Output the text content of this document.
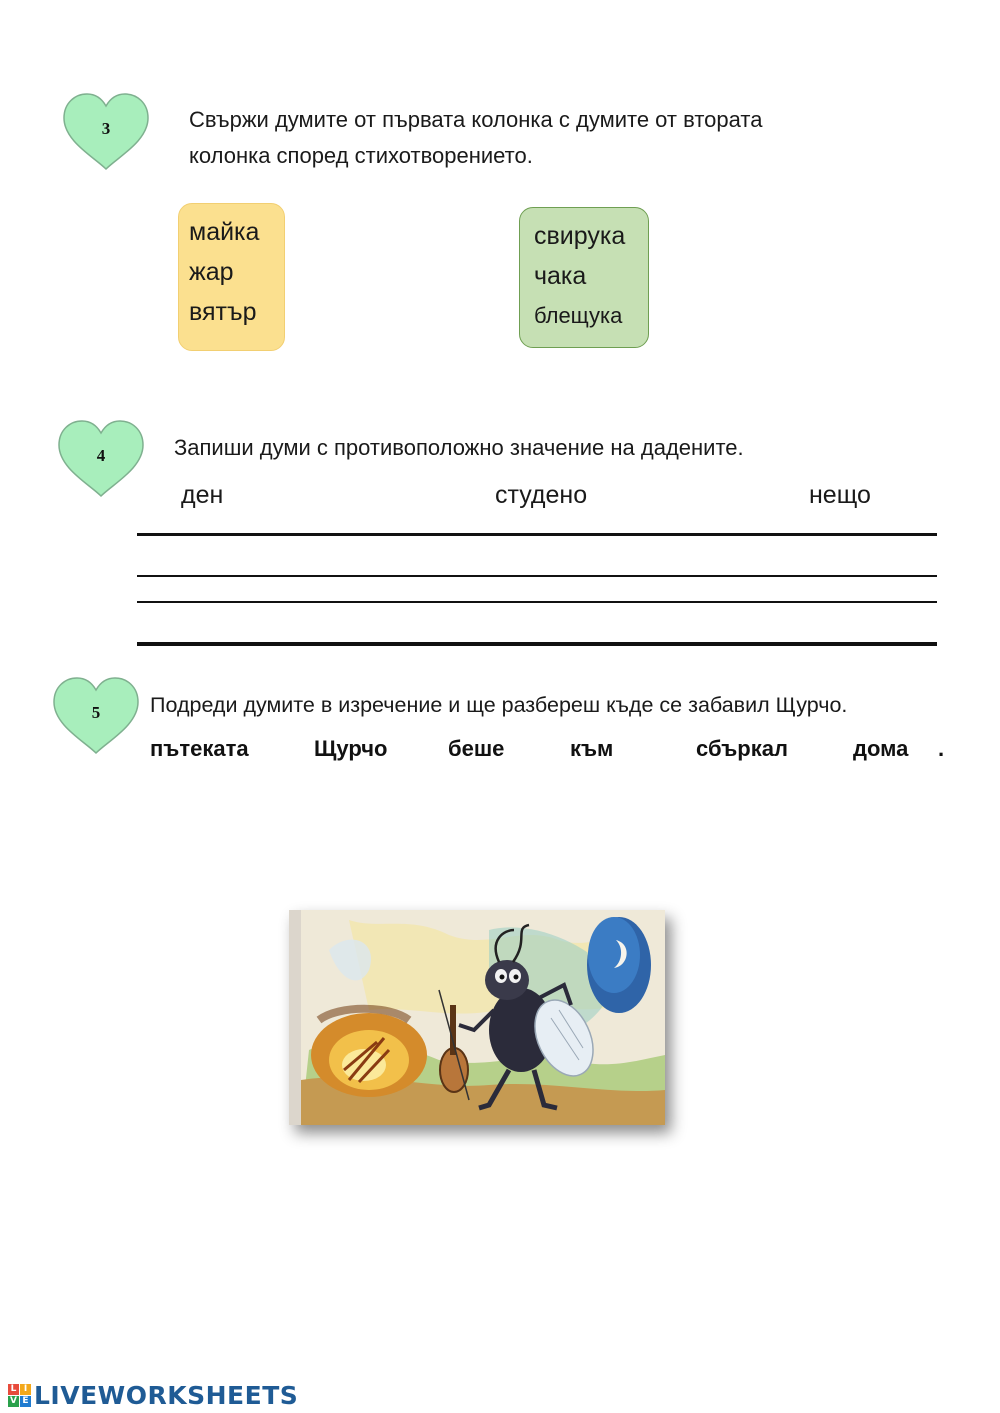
3	Свържи думите от първата колонка с думите от втората
колонка според стихотворението.
майка
жар
вятър
свирука
чака
блещука
4	Запиши думи с противоположно значение на дадените.
ден	студено	нещо
5	Подреди думите в изречение и ще разбереш къде се забавил Щурчо.
пътеката	Щурчо	беше	към	сбъркал	дома .
L I
V E LIVEWORKSHEETS
